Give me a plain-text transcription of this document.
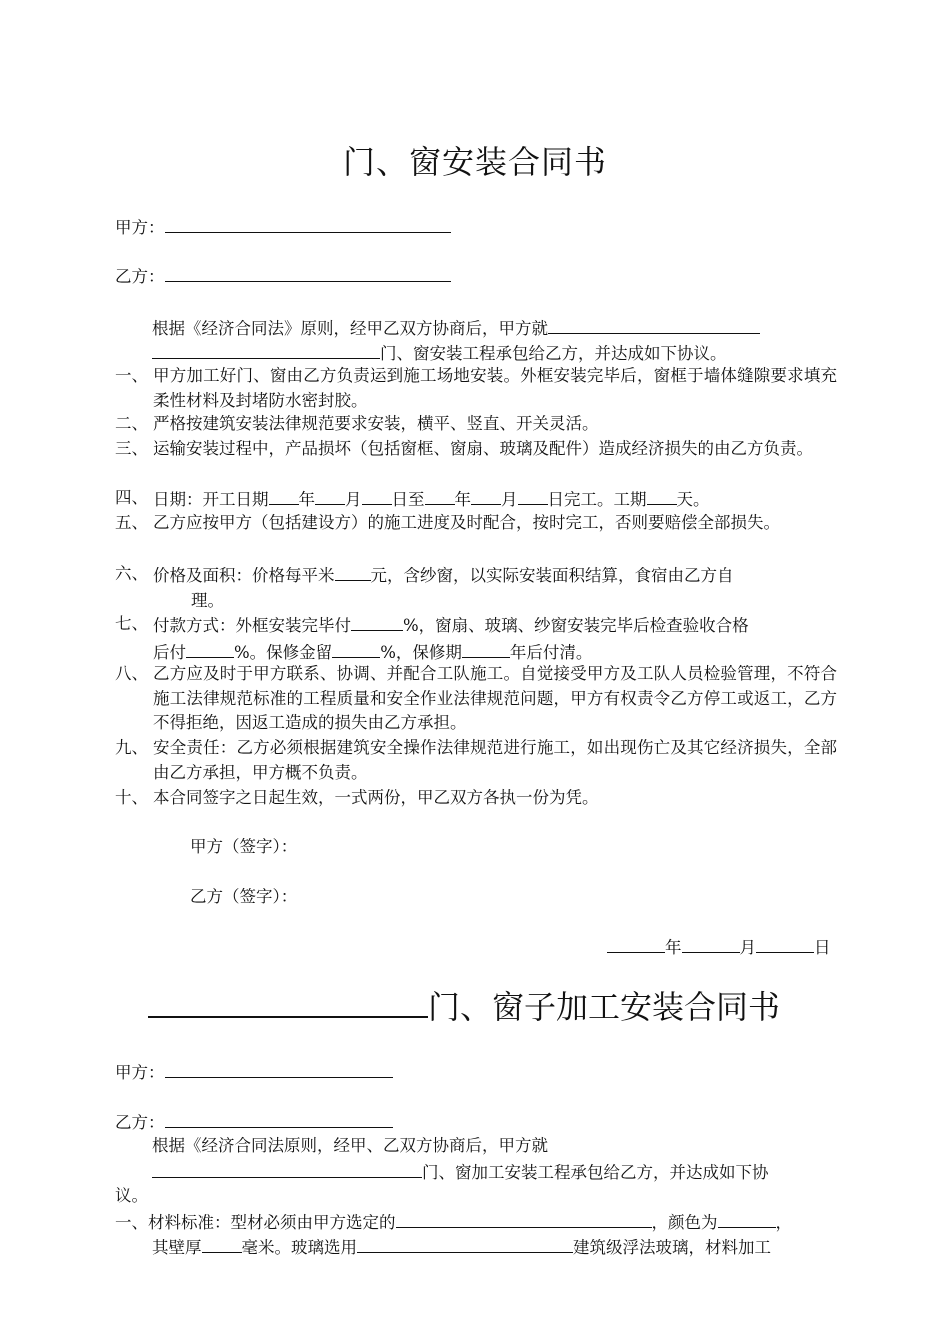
门、窗安装合同书
甲方：
乙方：
根据《经济合同法》原则，经甲乙双方协商后，甲方就
门、窗安装工程承包给乙方，并达成如下协议。
一、 甲方加工好门、窗由乙方负责运到施工场地安装。外框安装完毕后，窗框于墙体缝隙要求填充柔性材料及封堵防水密封胶。
二、 严格按建筑安装法律规范要求安装，横平、竖直、开关灵活。
三、 运输安装过程中，产品损坏（包括窗框、窗扇、玻璃及配件）造成经济损失的由乙方负责。
四、 日期：开工日期 年 月 日至 年 月 日完工。工期 天。
五、 乙方应按甲方（包括建设方）的施工进度及时配合，按时完工，否则要赔偿全部损失。
六、 价格及面积：价格每平米 元，含纱窗，以实际安装面积结算，食宿由乙方自
理。
七、 付款方式：外框安装完毕付	%，窗扇、玻璃、纱窗安装完毕后检查验收合格
后付	%。保修金留	%，保修期	年后付清。
八、 乙方应及时于甲方联系、协调、并配合工队施工。自觉接受甲方及工队人员检验管理，不符合施工法律规范标准的工程质量和安全作业法律规范问题，甲方有权责令乙方停工或返工，乙方不得拒绝，因返工造成的损失由乙方承担。
九、 安全责任：乙方必须根据建筑安全操作法律规范进行施工，如出现伤亡及其它经济损失，全部由乙方承担，甲方概不负责。
十、 本合同签字之日起生效，一式两份，甲乙双方各执一份为凭。
甲方（签字）：
乙方（签字）：
年	月	日
门、窗子加工安装合同书
甲方：
乙方：
根据《经济合同法原则，经甲、乙双方协商后，甲方就
门、窗加工安装工程承包给乙方，并达成如下协
议。
一、材料标准：型材必须由甲方选定的	，颜色为	，
其壁厚 毫米。玻璃选用	建筑级浮法玻璃，材料加工
